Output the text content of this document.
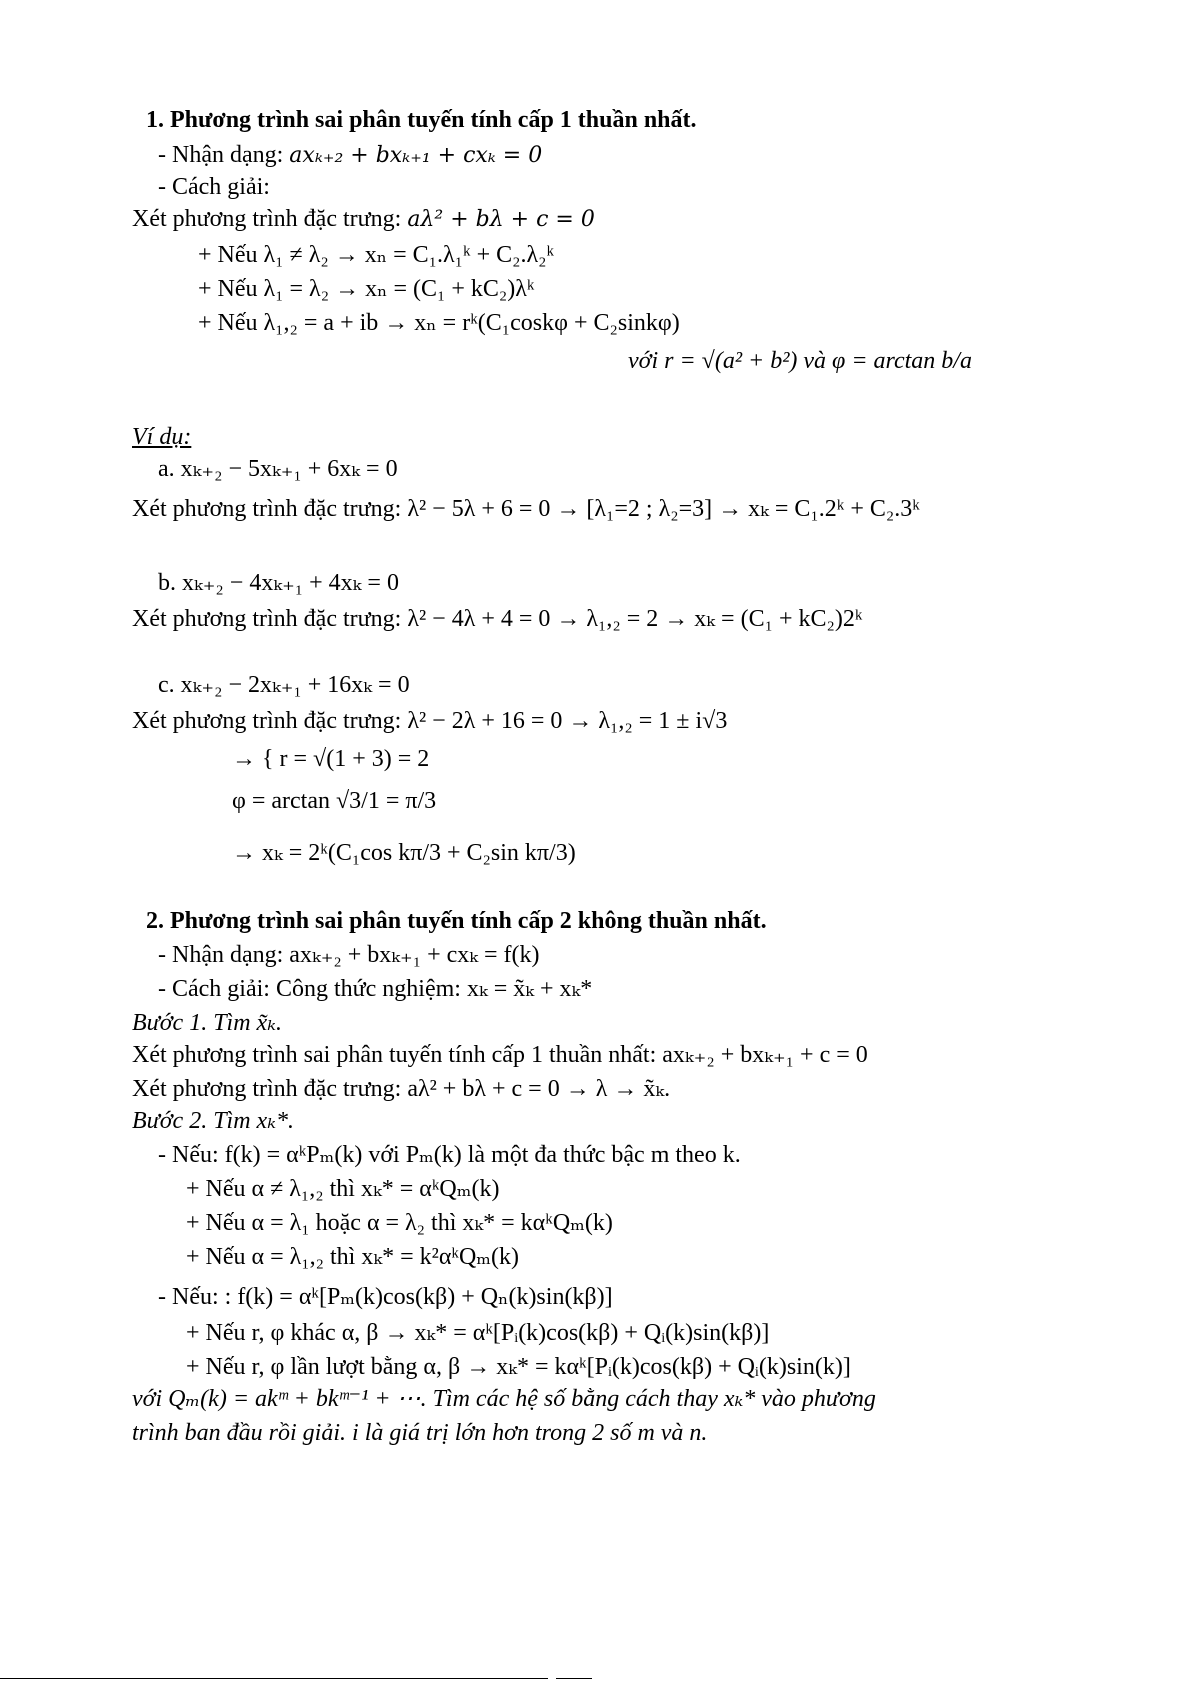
1. Phương trình sai phân tuyến tính cấp 1 thuần nhất.
- Nhận dạng: axₖ₊₂ + bxₖ₊₁ + cxₖ = 0
- Cách giải:
Xét phương trình đặc trưng: aλ² + bλ + c = 0
+ Nếu λ₁ ≠ λ₂ → xₙ = C₁.λ₁ᵏ + C₂.λ₂ᵏ
+ Nếu λ₁ = λ₂ → xₙ = (C₁ + kC₂)λᵏ
+ Nếu λ₁,₂ = a + ib → xₙ = rᵏ(C₁coskφ + C₂sinkφ)
với r = √(a² + b²) và φ = arctan b/a
Ví dụ:
a. xₖ₊₂ − 5xₖ₊₁ + 6xₖ = 0
Xét phương trình đặc trưng: λ² − 5λ + 6 = 0 → [λ₁=2 ; λ₂=3] → xₖ = C₁.2ᵏ + C₂.3ᵏ
b. xₖ₊₂ − 4xₖ₊₁ + 4xₖ = 0
Xét phương trình đặc trưng: λ² − 4λ + 4 = 0 → λ₁,₂ = 2 → xₖ = (C₁ + kC₂)2ᵏ
c. xₖ₊₂ − 2xₖ₊₁ + 16xₖ = 0
Xét phương trình đặc trưng: λ² − 2λ + 16 = 0 → λ₁,₂ = 1 ± i√3
→ { r = √(1 + 3) = 2
φ = arctan √3/1 = π/3
→ xₖ = 2ᵏ(C₁cos kπ/3 + C₂sin kπ/3)
2. Phương trình sai phân tuyến tính cấp 2 không thuần nhất.
- Nhận dạng: axₖ₊₂ + bxₖ₊₁ + cxₖ = f(k)
- Cách giải: Công thức nghiệm: xₖ = x̃ₖ + xₖ*
Bước 1. Tìm x̃ₖ.
Xét phương trình sai phân tuyến tính cấp 1 thuần nhất: axₖ₊₂ + bxₖ₊₁ + c = 0
Xét phương trình đặc trưng: aλ² + bλ + c = 0 → λ → x̃ₖ.
Bước 2. Tìm xₖ*.
- Nếu: f(k) = αᵏPₘ(k) với Pₘ(k) là một đa thức bậc m theo k.
+ Nếu α ≠ λ₁,₂ thì xₖ* = αᵏQₘ(k)
+ Nếu α = λ₁ hoặc α = λ₂ thì xₖ* = kαᵏQₘ(k)
+ Nếu α = λ₁,₂ thì xₖ* = k²αᵏQₘ(k)
- Nếu: : f(k) = αᵏ[Pₘ(k)cos(kβ) + Qₙ(k)sin(kβ)]
+ Nếu r, φ khác α, β → xₖ* = αᵏ[Pᵢ(k)cos(kβ) + Qᵢ(k)sin(kβ)]
+ Nếu r, φ lần lượt bằng α, β → xₖ* = kαᵏ[Pᵢ(k)cos(kβ) + Qᵢ(k)sin(k)]
với Qₘ(k) = akᵐ + bkᵐ⁻¹ + ⋯. Tìm các hệ số bằng cách thay xₖ* vào phương
trình ban đầu rồi giải. i là giá trị lớn hơn trong 2 số m và n.
